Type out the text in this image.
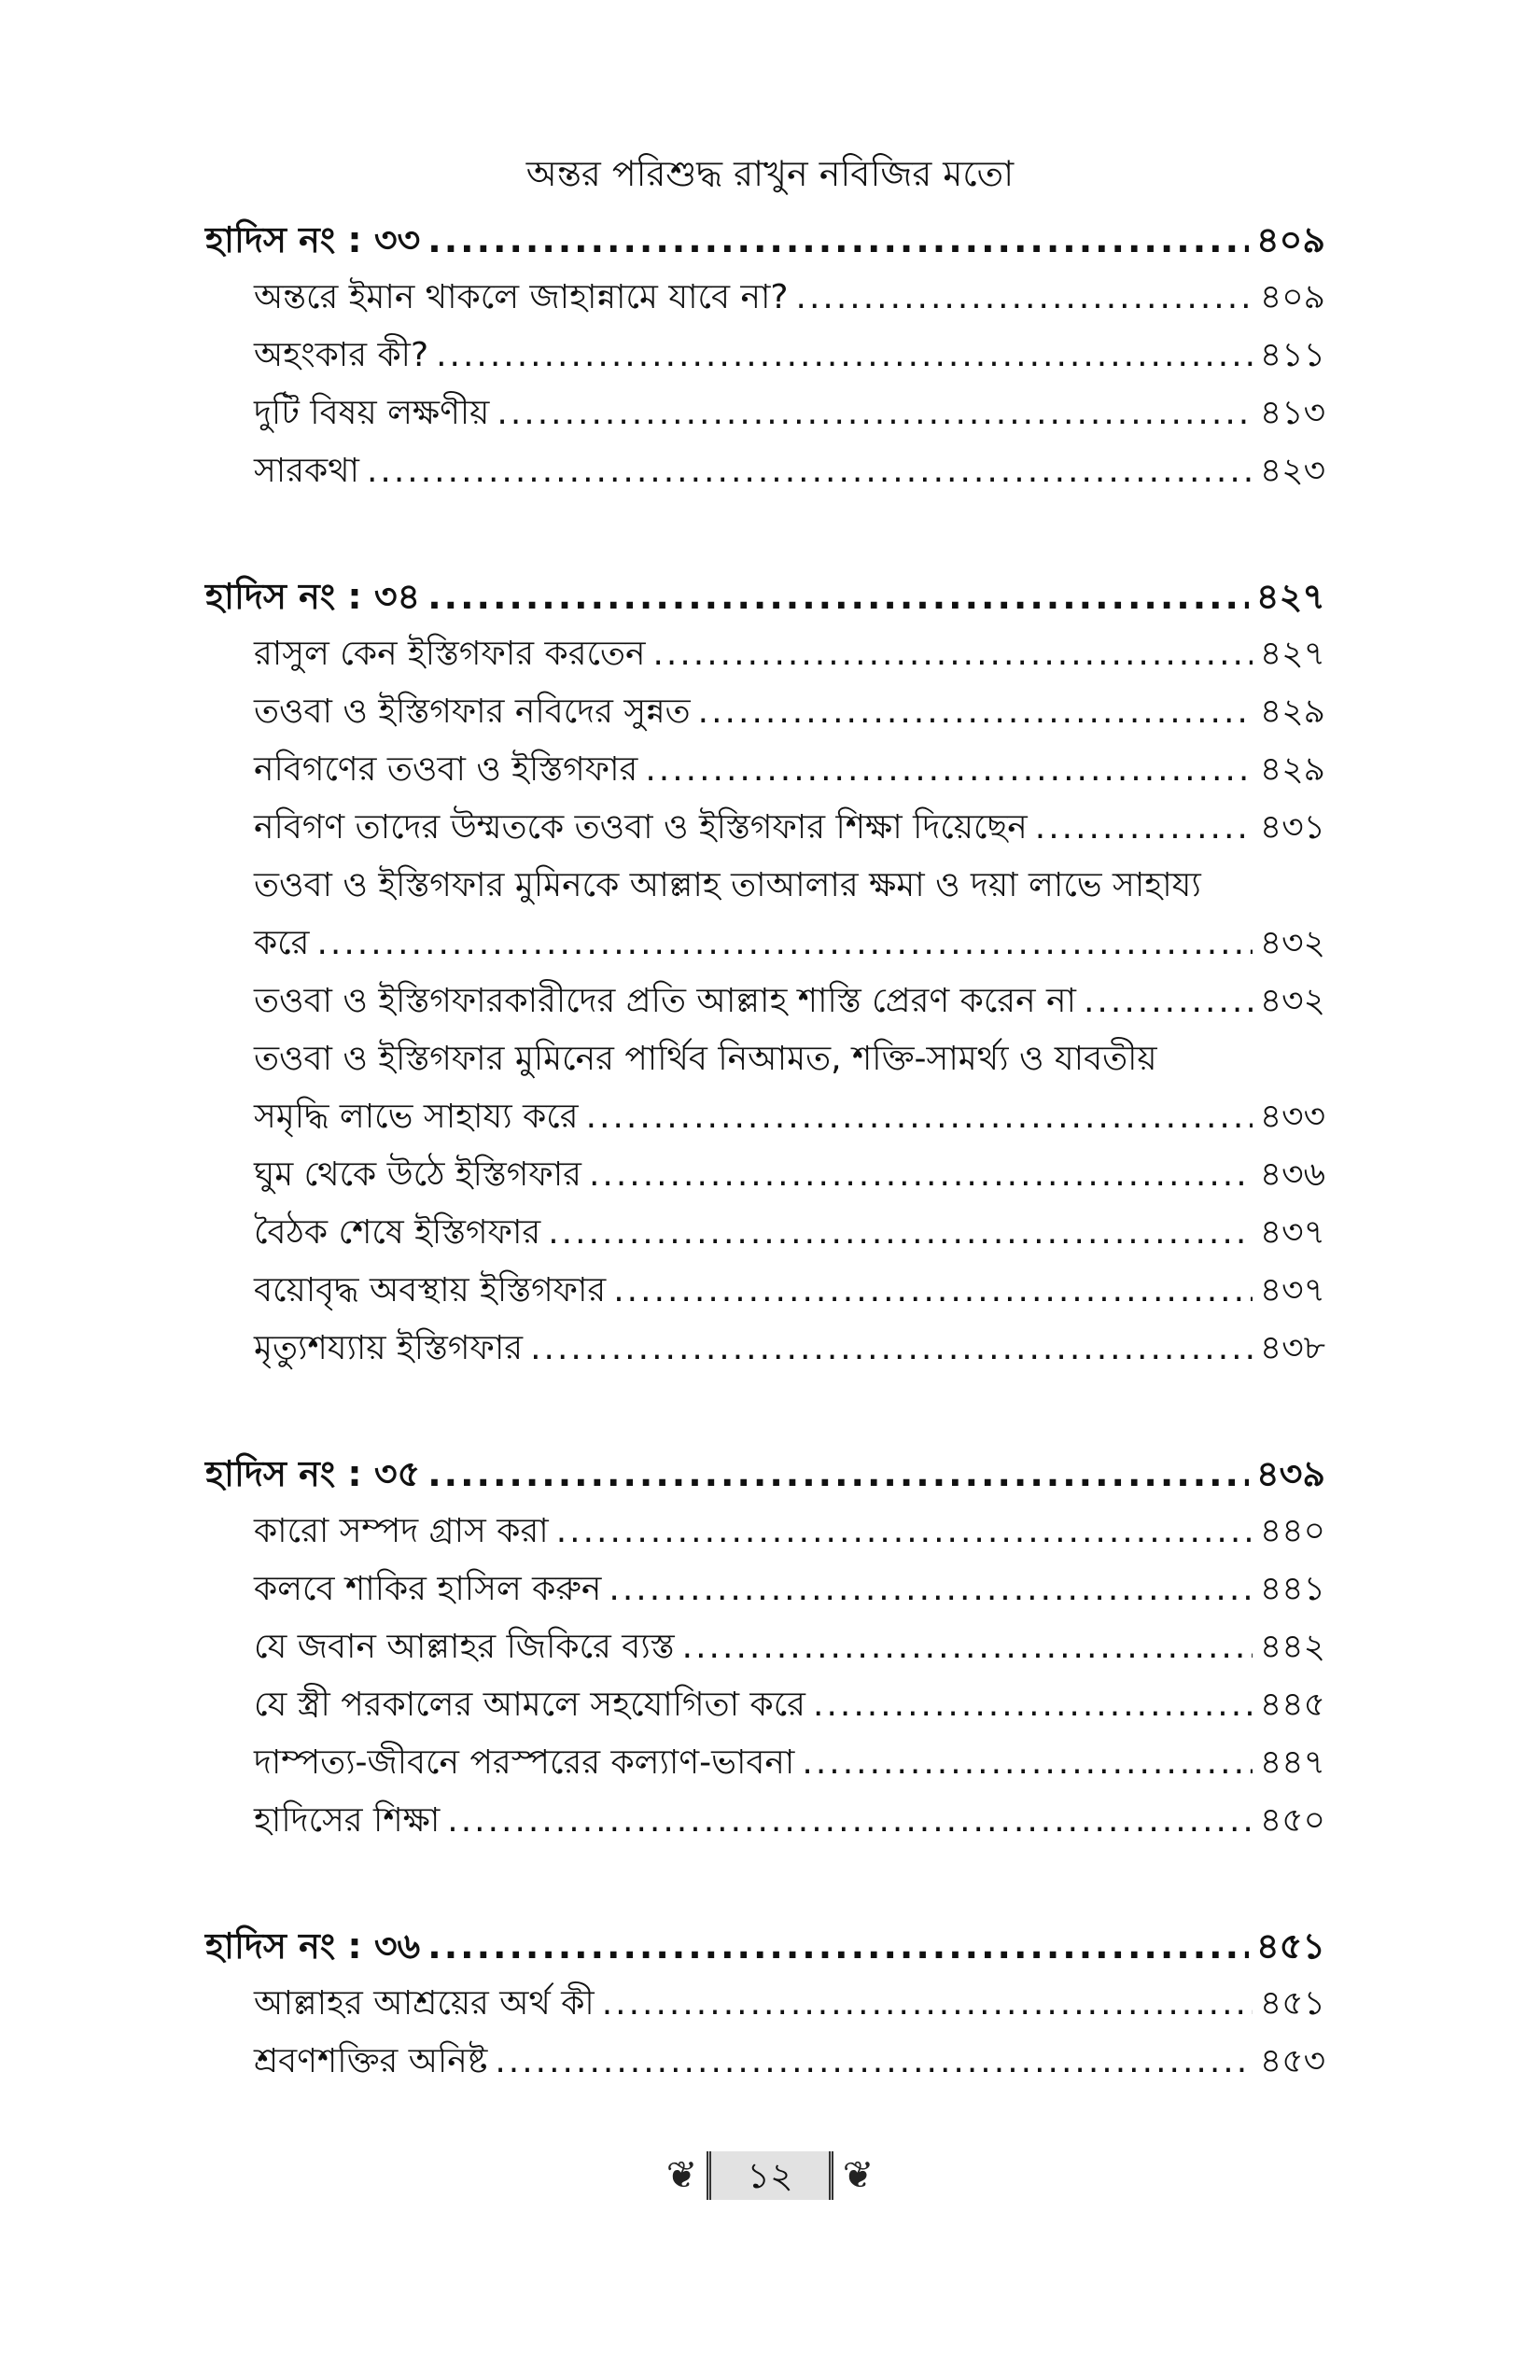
অন্তর পরিশুদ্ধ রাখুন নবিজির মতো
হাদিস নং : ৩৩ .....	৪০৯
অন্তরে ইমান থাকলে জাহান্নামে যাবে না? .....	৪০৯
অহংকার কী? .....	৪১১
দুটি বিষয় লক্ষণীয় .....	৪১৩
সারকথা .....	৪২৩
হাদিস নং : ৩৪ .....	৪২৭
রাসুল কেন ইস্তিগফার করতেন .....	৪২৭
তওবা ও ইস্তিগফার নবিদের সুন্নত .....	৪২৯
নবিগণের তওবা ও ইস্তিগফার .....	৪২৯
নবিগণ তাদের উম্মতকে তওবা ও ইস্তিগফার শিক্ষা দিয়েছেন .....	৪৩১
তওবা ও ইস্তিগফার মুমিনকে আল্লাহ তাআলার ক্ষমা ও দয়া লাভে সাহায্য
করে .....	৪৩২
তওবা ও ইস্তিগফারকারীদের প্রতি আল্লাহ শাস্তি প্রেরণ করেন না .....	৪৩২
তওবা ও ইস্তিগফার মুমিনের পার্থিব নিআমত, শক্তি-সামর্থ্য ও যাবতীয়
সমৃদ্ধি লাভে সাহায্য করে .....	৪৩৩
ঘুম থেকে উঠে ইস্তিগফার .....	৪৩৬
বৈঠক শেষে ইস্তিগফার .....	৪৩৭
বয়োবৃদ্ধ অবস্থায় ইস্তিগফার .....	৪৩৭
মৃত্যুশয্যায় ইস্তিগফার .....	৪৩৮
হাদিস নং : ৩৫ .....	৪৩৯
কারো সম্পদ গ্রাস করা .....	৪৪০
কলবে শাকির হাসিল করুন .....	৪৪১
যে জবান আল্লাহর জিকিরে ব্যস্ত .....	৪৪২
যে স্ত্রী পরকালের আমলে সহযোগিতা করে .....	৪৪৫
দাম্পত্য-জীবনে পরস্পরের কল্যাণ-ভাবনা .....	৪৪৭
হাদিসের শিক্ষা .....	৪৫০
হাদিস নং : ৩৬ .....	৪৫১
আল্লাহর আশ্রয়ের অর্থ কী .....	৪৫১
শ্রবণশক্তির অনিষ্ট .....	৪৫৩
❦	১২	❦
